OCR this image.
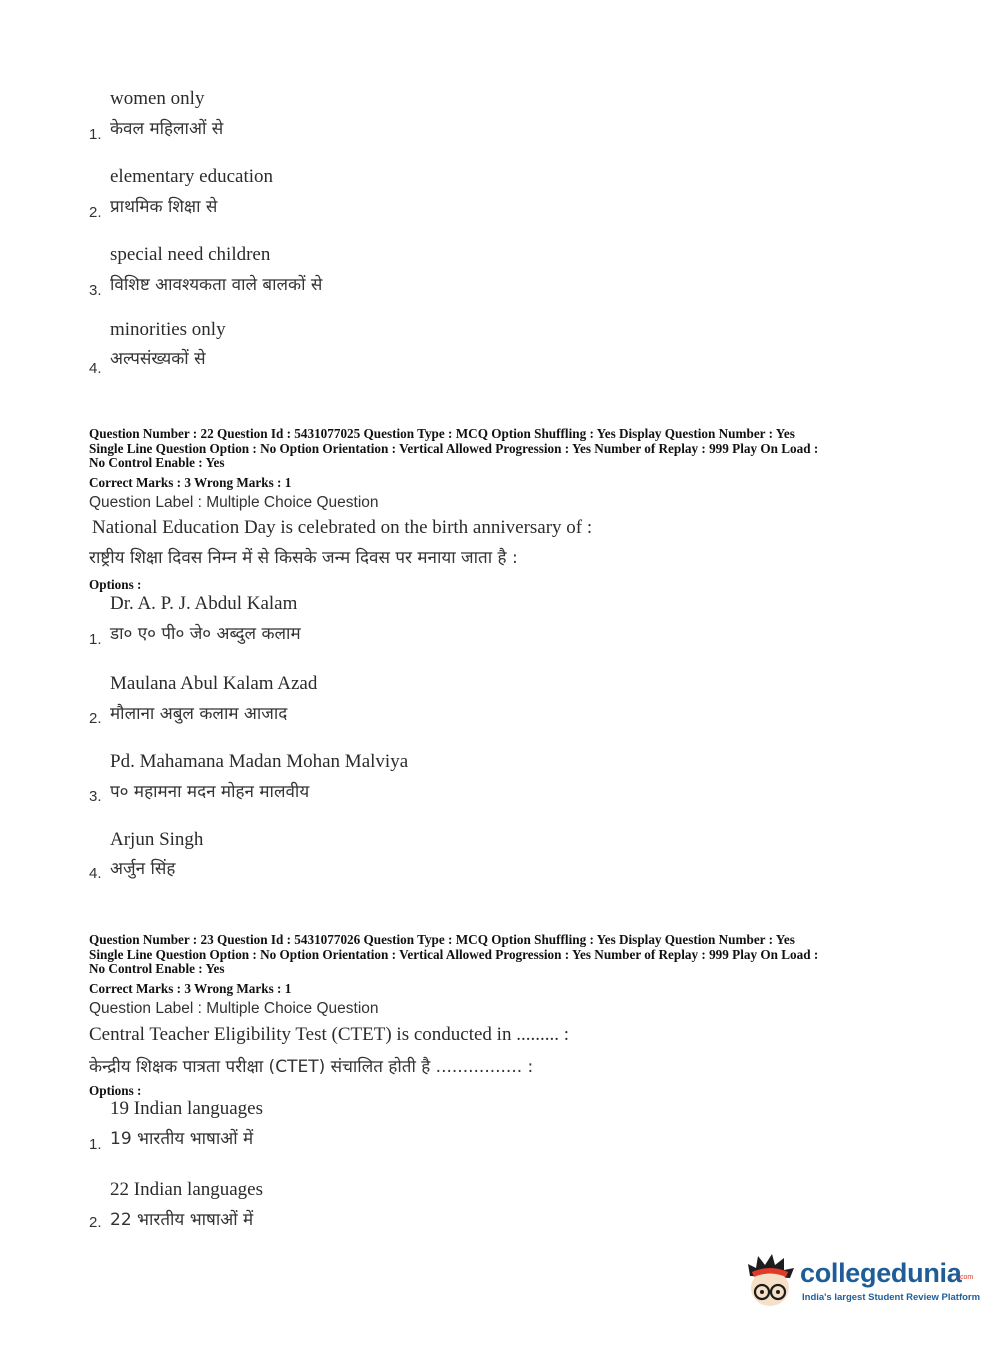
women only
1. केवल महिलाओं से
elementary education
2. प्राथमिक शिक्षा से
special need children
3. विशिष्ट आवश्यकता वाले बालकों से
minorities only
4. अल्पसंख्यकों से
Question Number : 22 Question Id : 5431077025 Question Type : MCQ Option Shuffling : Yes Display Question Number : Yes
Single Line Question Option : No Option Orientation : Vertical Allowed Progression : Yes Number of Replay : 999 Play On Load :
No Control Enable : Yes
Correct Marks : 3 Wrong Marks : 1
Question Label : Multiple Choice Question
National Education Day is celebrated on the birth anniversary of :
राष्ट्रीय शिक्षा दिवस निम्न में से किसके जन्म दिवस पर मनाया जाता है :
Options :
Dr. A. P. J. Abdul Kalam
1. डा० ए० पी० जे० अब्दुल कलाम
Maulana Abul Kalam Azad
2. मौलाना अबुल कलाम आजाद
Pd. Mahamana Madan Mohan Malviya
3. प० महामना मदन मोहन मालवीय
Arjun Singh
4. अर्जुन सिंह
Question Number : 23 Question Id : 5431077026 Question Type : MCQ Option Shuffling : Yes Display Question Number : Yes
Single Line Question Option : No Option Orientation : Vertical Allowed Progression : Yes Number of Replay : 999 Play On Load :
No Control Enable : Yes
Correct Marks : 3 Wrong Marks : 1
Question Label : Multiple Choice Question
Central Teacher Eligibility Test (CTET) is conducted in ......... :
केन्द्रीय शिक्षक पात्रता परीक्षा (CTET) संचालित होती है ................ :
Options :
19 Indian languages
1. 19 भारतीय भाषाओं में
22 Indian languages
2. 22 भारतीय भाषाओं में
collegedunia
.com
India's largest Student Review Platform
